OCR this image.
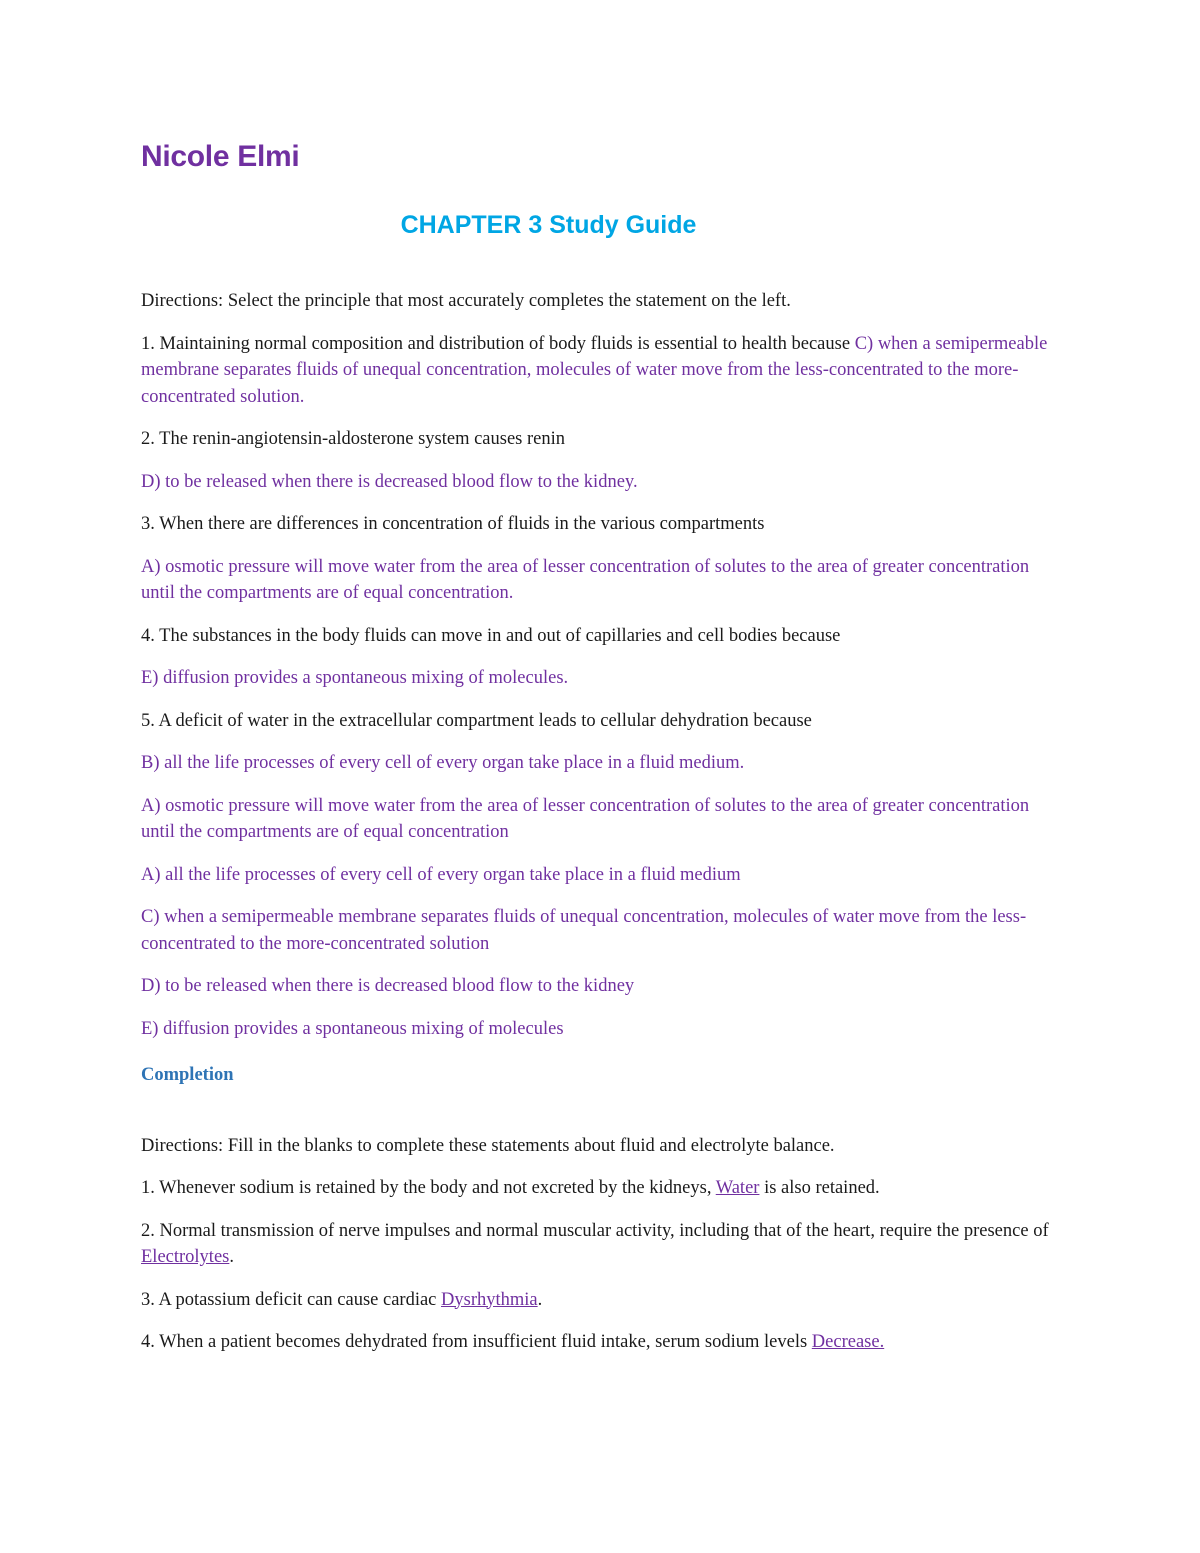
Nicole Elmi
CHAPTER 3 Study Guide

Directions: Select the principle that most accurately completes the statement on the left.

1. Maintaining normal composition and distribution of body fluids is essential to health because C) when a semipermeable membrane separates fluids of unequal concentration, molecules of water move from the less-concentrated to the more-concentrated solution.

2. The renin-angiotensin-aldosterone system causes renin

D) to be released when there is decreased blood flow to the kidney.

3. When there are differences in concentration of fluids in the various compartments

A) osmotic pressure will move water from the area of lesser concentration of solutes to the area of greater concentration until the compartments are of equal concentration.

4. The substances in the body fluids can move in and out of capillaries and cell bodies because

E) diffusion provides a spontaneous mixing of molecules.

5. A deficit of water in the extracellular compartment leads to cellular dehydration because

B) all the life processes of every cell of every organ take place in a fluid medium.

A) osmotic pressure will move water from the area of lesser concentration of solutes to the area of greater concentration until the compartments are of equal concentration

A) all the life processes of every cell of every organ take place in a fluid medium

C) when a semipermeable membrane separates fluids of unequal concentration, molecules of water move from the less-concentrated to the more-concentrated solution

D) to be released when there is decreased blood flow to the kidney

E) diffusion provides a spontaneous mixing of molecules

Completion

Directions: Fill in the blanks to complete these statements about fluid and electrolyte balance.

1. Whenever sodium is retained by the body and not excreted by the kidneys, Water is also retained.

2. Normal transmission of nerve impulses and normal muscular activity, including that of the heart, require the presence of Electrolytes.

3. A potassium deficit can cause cardiac Dysrhythmia.

4. When a patient becomes dehydrated from insufficient fluid intake, serum sodium levels Decrease.
